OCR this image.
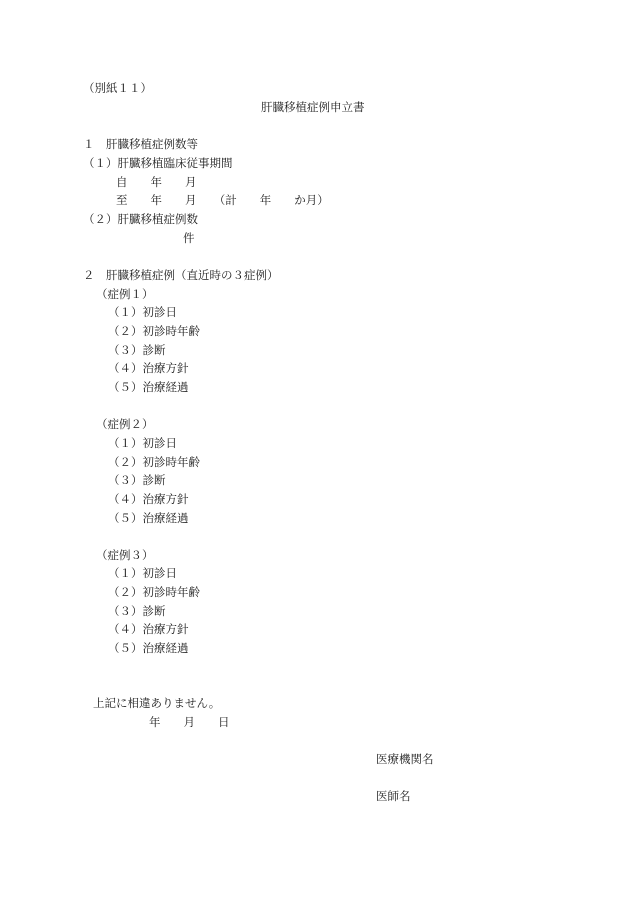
（別紙１１）
肝臓移植症例申立書
１　肝臓移植症例数等
（１）肝臓移植臨床従事期間
自　　年　　月
至　　年　　月　　（計　　年　　か月）
（２）肝臓移植症例数
件
２　肝臓移植症例（直近時の３症例）
（症例１）
（１）初診日
（２）初診時年齢
（３）診断
（４）治療方針
（５）治療経過
（症例２）
（１）初診日
（２）初診時年齢
（３）診断
（４）治療方針
（５）治療経過
（症例３）
（１）初診日
（２）初診時年齢
（３）診断
（４）治療方針
（５）治療経過
上記に相違ありません。
年　　月　　日
医療機関名
医師名
